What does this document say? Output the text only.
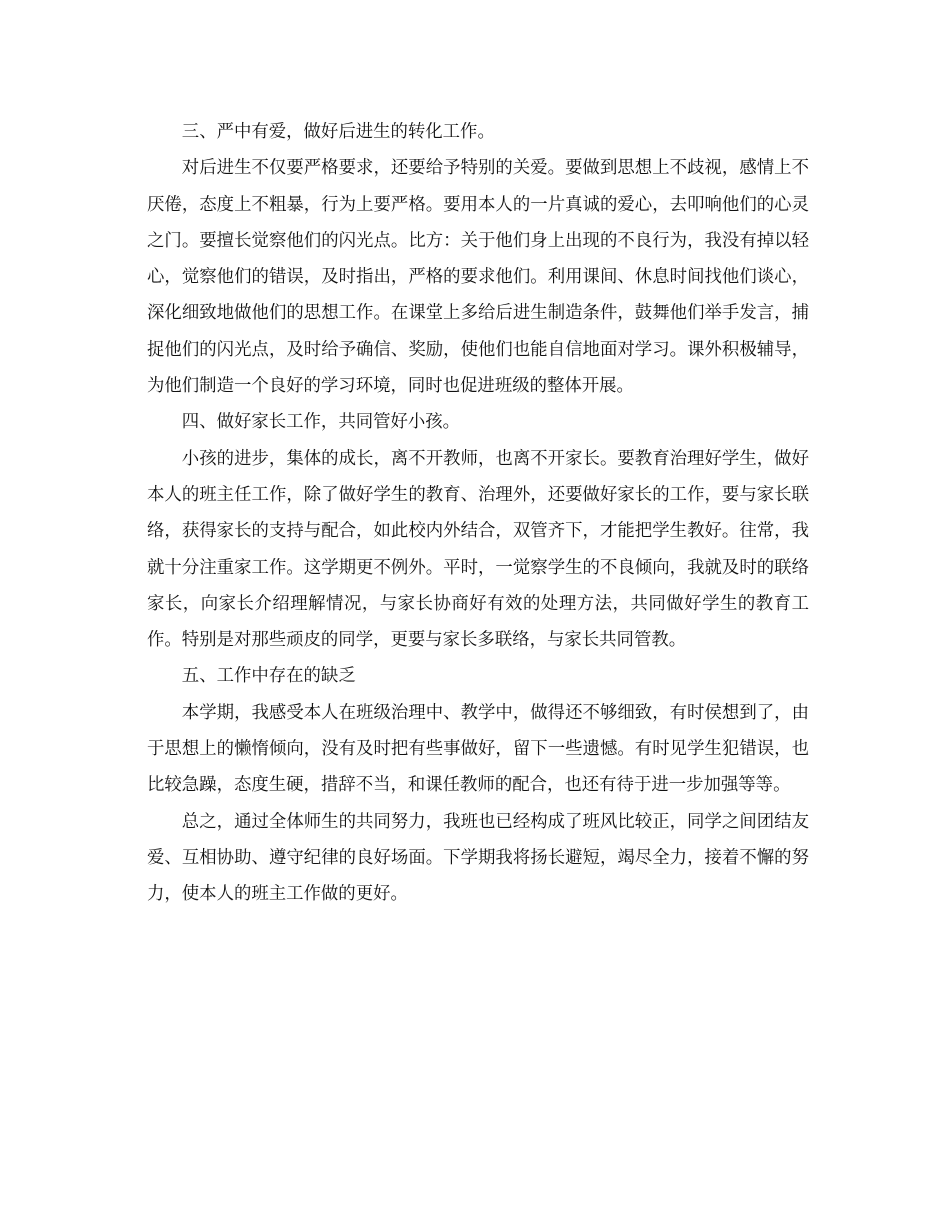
三、严中有爱，做好后进生的转化工作。

对后进生不仅要严格要求，还要给予特别的关爱。要做到思想上不歧视，感情上不厌倦，态度上不粗暴，行为上要严格。要用本人的一片真诚的爱心，去叩响他们的心灵之门。要擅长觉察他们的闪光点。比方：关于他们身上出现的不良行为，我没有掉以轻心，觉察他们的错误，及时指出，严格的要求他们。利用课间、休息时间找他们谈心，深化细致地做他们的思想工作。在课堂上多给后进生制造条件，鼓舞他们举手发言，捕捉他们的闪光点，及时给予确信、奖励，使他们也能自信地面对学习。课外积极辅导，为他们制造一个良好的学习环境，同时也促进班级的整体开展。

四、做好家长工作，共同管好小孩。

小孩的进步，集体的成长，离不开教师，也离不开家长。要教育治理好学生，做好本人的班主任工作，除了做好学生的教育、治理外，还要做好家长的工作，要与家长联络，获得家长的支持与配合，如此校内外结合，双管齐下，才能把学生教好。往常，我就十分注重家工作。这学期更不例外。平时，一觉察学生的不良倾向，我就及时的联络家长，向家长介绍理解情况，与家长协商好有效的处理方法，共同做好学生的教育工作。特别是对那些顽皮的同学，更要与家长多联络，与家长共同管教。

五、工作中存在的缺乏

本学期，我感受本人在班级治理中、教学中，做得还不够细致，有时侯想到了，由于思想上的懒惰倾向，没有及时把有些事做好，留下一些遗憾。有时见学生犯错误，也比较急躁，态度生硬，措辞不当，和课任教师的配合，也还有待于进一步加强等等。

总之，通过全体师生的共同努力，我班也已经构成了班风比较正，同学之间团结友爱、互相协助、遵守纪律的良好场面。下学期我将扬长避短，竭尽全力，接着不懈的努力，使本人的班主工作做的更好。
